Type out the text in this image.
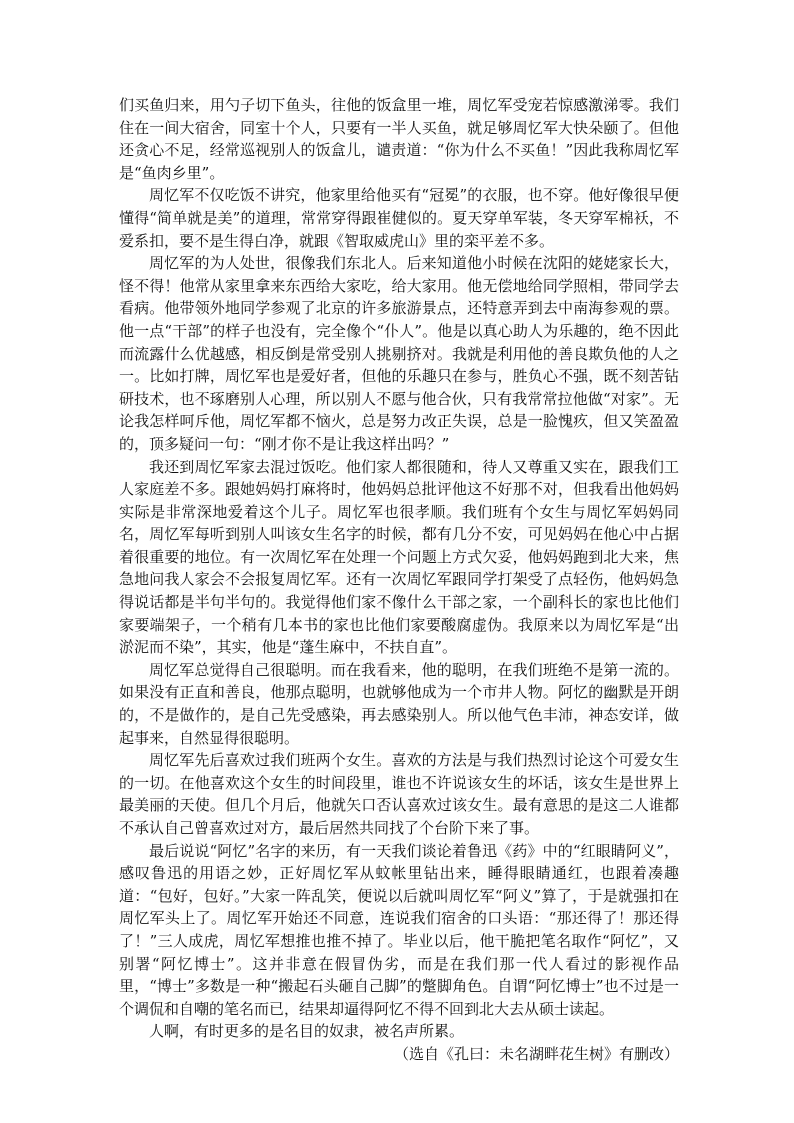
们买鱼归来，用勺子切下鱼头，往他的饭盒里一堆，周忆军受宠若惊感激涕零。我们住在一间大宿舍，同室十个人，只要有一半人买鱼，就足够周忆军大快朵颐了。但他还贪心不足，经常巡视别人的饭盒儿，谴责道：“你为什么不买鱼！”因此我称周忆军是“鱼肉乡里”。

周忆军不仅吃饭不讲究，他家里给他买有“冠冕”的衣服，也不穿。他好像很早便懂得“简单就是美”的道理，常常穿得跟崔健似的。夏天穿单军装，冬天穿军棉袄，不爱系扣，要不是生得白净，就跟《智取威虎山》里的栾平差不多。

周忆军的为人处世，很像我们东北人。后来知道他小时候在沈阳的姥姥家长大，怪不得！他常从家里拿来东西给大家吃，给大家用。他无偿地给同学照相，带同学去看病。他带领外地同学参观了北京的许多旅游景点，还特意弄到去中南海参观的票。他一点“干部”的样子也没有，完全像个“仆人”。他是以真心助人为乐趣的，绝不因此而流露什么优越感，相反倒是常受别人挑剔挤对。我就是利用他的善良欺负他的人之一。比如打牌，周忆军也是爱好者，但他的乐趣只在参与，胜负心不强，既不刻苦钻研技术，也不琢磨别人心理，所以别人不愿与他合伙，只有我常常拉他做“对家”。无论我怎样呵斥他，周忆军都不恼火，总是努力改正失误，总是一脸愧疚，但又笑盈盈的，顶多疑问一句：“刚才你不是让我这样出吗？”

我还到周忆军家去混过饭吃。他们家人都很随和，待人又尊重又实在，跟我们工人家庭差不多。跟她妈妈打麻将时，他妈妈总批评他这不好那不对，但我看出他妈妈实际是非常深地爱着这个儿子。周忆军也很孝顺。我们班有个女生与周忆军妈妈同名，周忆军每听到别人叫该女生名字的时候，都有几分不安，可见妈妈在他心中占据着很重要的地位。有一次周忆军在处理一个问题上方式欠妥，他妈妈跑到北大来，焦急地问我人家会不会报复周忆军。还有一次周忆军跟同学打架受了点轻伤，他妈妈急得说话都是半句半句的。我觉得他们家不像什么干部之家，一个副科长的家也比他们家要端架子，一个稍有几本书的家也比他们家要酸腐虚伪。我原来以为周忆军是“出淤泥而不染”，其实，他是“蓬生麻中，不扶自直”。

周忆军总觉得自己很聪明。而在我看来，他的聪明，在我们班绝不是第一流的。如果没有正直和善良，他那点聪明，也就够他成为一个市井人物。阿忆的幽默是开朗的，不是做作的，是自己先受感染，再去感染别人。所以他气色丰沛，神态安详，做起事来，自然显得很聪明。

周忆军先后喜欢过我们班两个女生。喜欢的方法是与我们热烈讨论这个可爱女生的一切。在他喜欢这个女生的时间段里，谁也不许说该女生的坏话，该女生是世界上最美丽的天使。但几个月后，他就矢口否认喜欢过该女生。最有意思的是这二人谁都不承认自己曾喜欢过对方，最后居然共同找了个台阶下来了事。

最后说说“阿忆”名字的来历，有一天我们谈论着鲁迅《药》中的“红眼睛阿义”，感叹鲁迅的用语之妙，正好周忆军从蚊帐里钻出来，睡得眼睛通红，也跟着凑趣道：“包好，包好。”大家一阵乱笑，便说以后就叫周忆军“阿义”算了，于是就强扣在周忆军头上了。周忆军开始还不同意，连说我们宿舍的口头语：“那还得了！那还得了！”三人成虎，周忆军想推也推不掉了。毕业以后，他干脆把笔名取作“阿忆”，又别署“阿忆博士”。这并非意在假冒伪劣，而是在我们那一代人看过的影视作品里，“博士”多数是一种“搬起石头砸自己脚”的蹩脚角色。自谓“阿忆博士”也不过是一个调侃和自嘲的笔名而已，结果却逼得阿忆不得不回到北大去从硕士读起。

人啊，有时更多的是名目的奴隶，被名声所累。

（选自《孔曰：未名湖畔花生树》有删改）
